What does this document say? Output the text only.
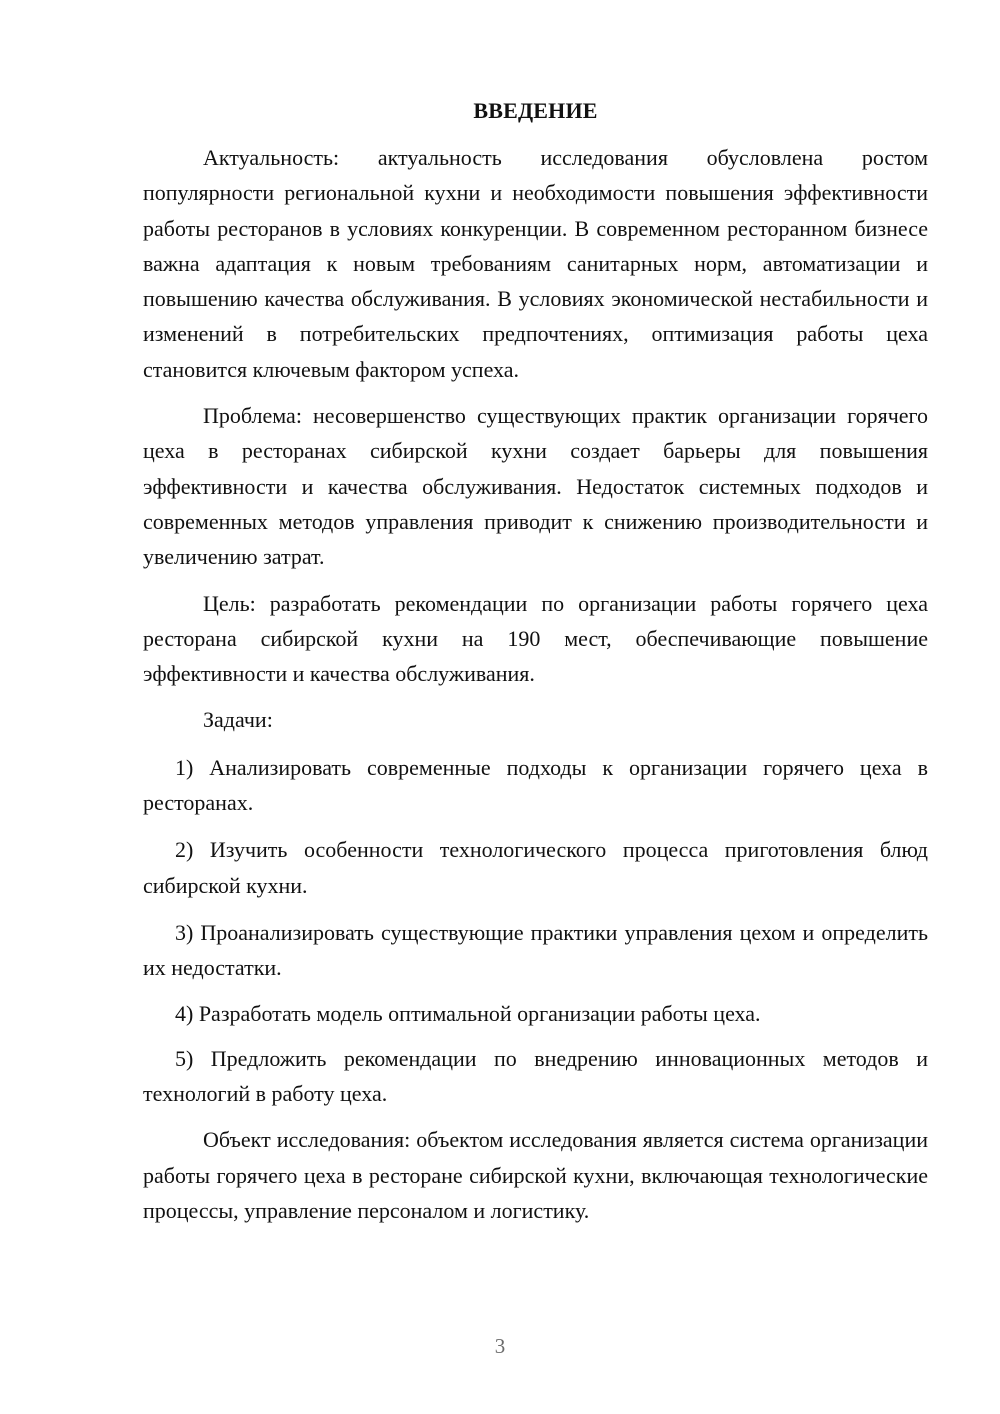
ВВЕДЕНИЕ

Актуальность: актуальность исследования обусловлена ростом популярности региональной кухни и необходимости повышения эффективности работы ресторанов в условиях конкуренции. В современном ресторанном бизнесе важна адаптация к новым требованиям санитарных норм, автоматизации и повышению качества обслуживания. В условиях экономической нестабильности и изменений в потребительских предпочтениях, оптимизация работы цеха становится ключевым фактором успеха.

Проблема: несовершенство существующих практик организации горячего цеха в ресторанах сибирской кухни создает барьеры для повышения эффективности и качества обслуживания. Недостаток системных подходов и современных методов управления приводит к снижению производительности и увеличению затрат.

Цель: разработать рекомендации по организации работы горячего цеха ресторана сибирской кухни на 190 мест, обеспечивающие повышение эффективности и качества обслуживания.

Задачи:

1) Анализировать современные подходы к организации горячего цеха в ресторанах.

2) Изучить особенности технологического процесса приготовления блюд сибирской кухни.

3) Проанализировать существующие практики управления цехом и определить их недостатки.

4) Разработать модель оптимальной организации работы цеха.

5) Предложить рекомендации по внедрению инновационных методов и технологий в работу цеха.

Объект исследования: объектом исследования является система организации работы горячего цеха в ресторане сибирской кухни, включающая технологические процессы, управление персоналом и логистику.

3
